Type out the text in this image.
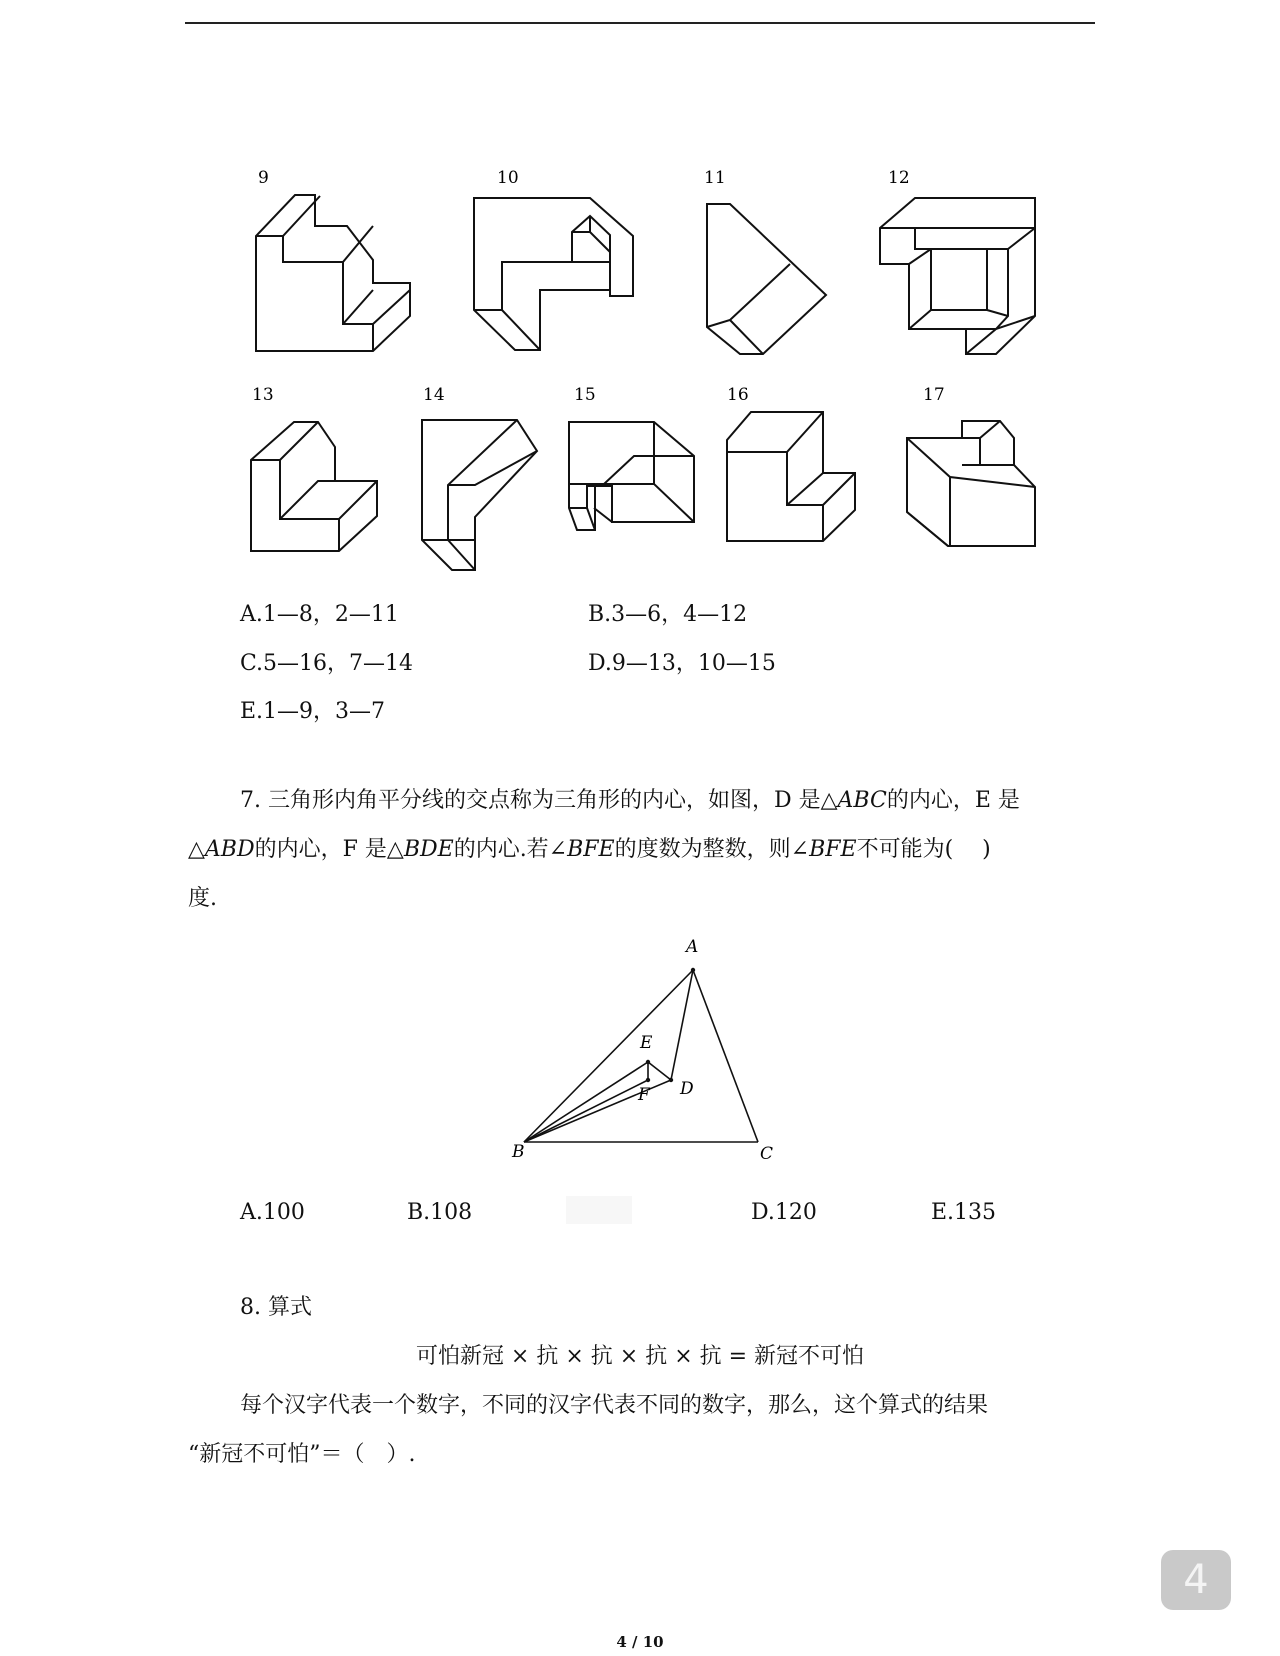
9	10	11	12
13	14	15	16	17
A.1—8，2—11	B.3—6，4—12
C.5—16，7—14	D.9—13，10—15
E.1—9，3—7
7. 三角形内角平分线的交点称为三角形的内心，如图，D 是△ABC的内心，E 是
△ABD的内心，F 是△BDE的内心.若∠BFE的度数为整数，则∠BFE不可能为(　 )
度.
A
B	C
D
E
F
A.100	B.108	D.120	E.135
8. 算式
可怕新冠 × 抗 × 抗 × 抗 × 抗 = 新冠不可怕
每个汉字代表一个数字，不同的汉字代表不同的数字，那么，这个算式的结果
“新冠不可怕”＝（　）.
4
4 / 10
